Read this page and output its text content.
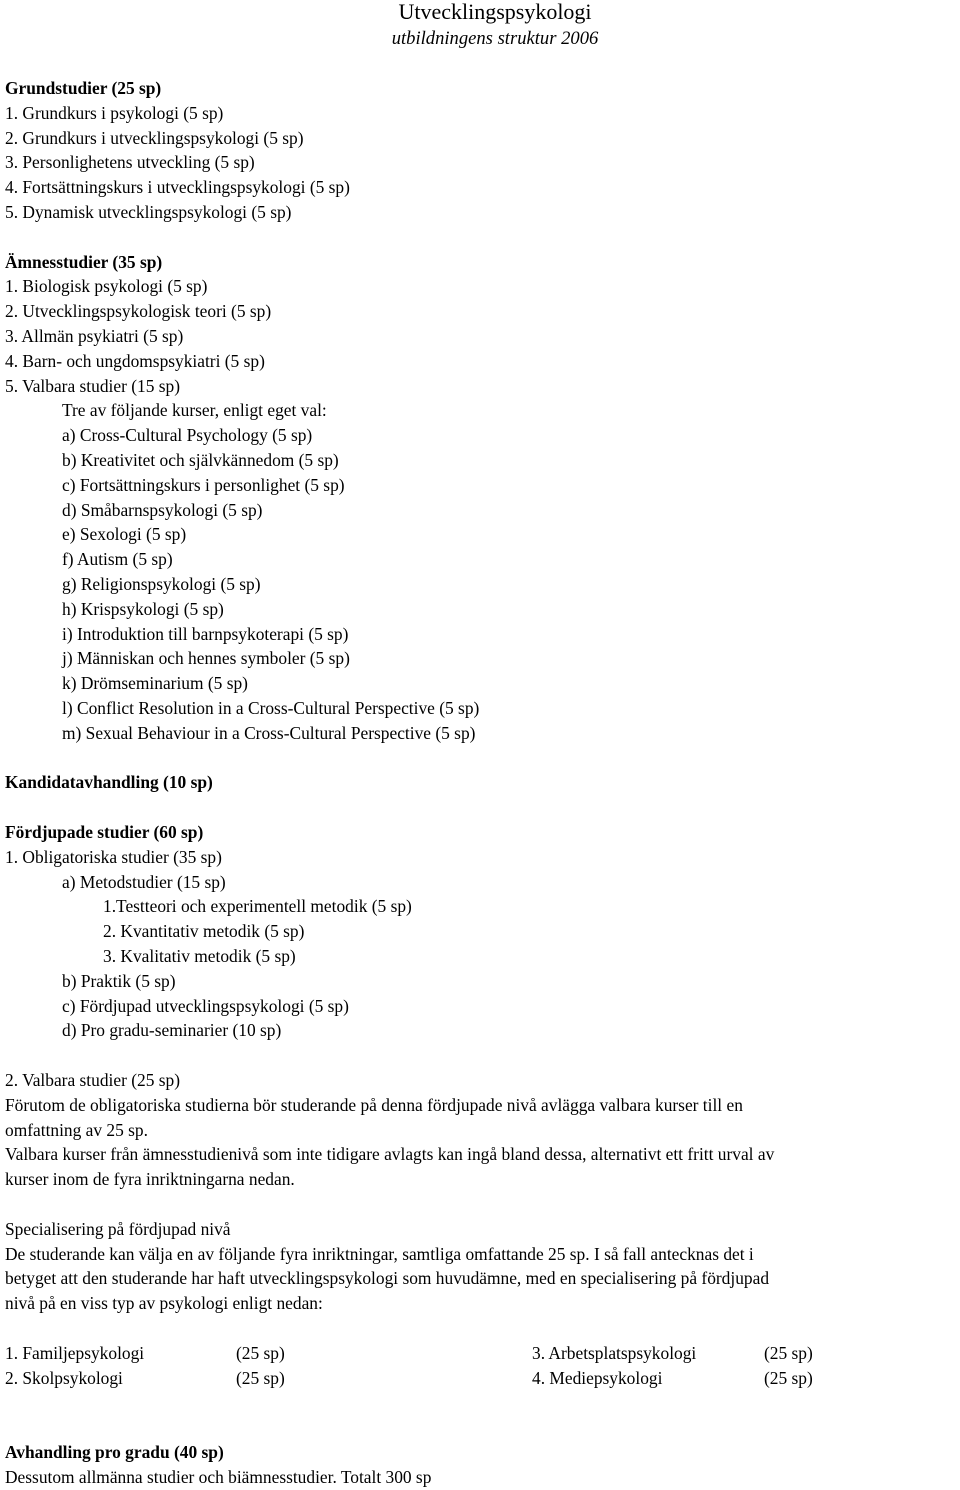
Utvecklingspsykologi
utbildningens struktur 2006
Grundstudier (25 sp)
1. Grundkurs i psykologi (5 sp)
2. Grundkurs i utvecklingspsykologi (5 sp)
3. Personlighetens utveckling (5 sp)
4. Fortsättningskurs i utvecklingspsykologi (5 sp)
5. Dynamisk utvecklingspsykologi (5 sp)
Ämnesstudier (35 sp)
1. Biologisk psykologi (5 sp)
2. Utvecklingspsykologisk teori (5 sp)
3. Allmän psykiatri (5 sp)
4. Barn- och ungdomspsykiatri (5 sp)
5. Valbara studier (15 sp)
Tre av följande kurser, enligt eget val:
a) Cross-Cultural Psychology (5 sp)
b) Kreativitet och självkännedom (5 sp)
c) Fortsättningskurs i personlighet (5 sp)
d) Småbarnspsykologi (5 sp)
e) Sexologi (5 sp)
f) Autism (5 sp)
g) Religionspsykologi (5 sp)
h) Krispsykologi (5 sp)
i) Introduktion till barnpsykoterapi (5 sp)
j) Människan och hennes symboler (5 sp)
k) Drömseminarium (5 sp)
l) Conflict Resolution in a Cross-Cultural Perspective (5 sp)
m) Sexual Behaviour in a Cross-Cultural Perspective (5 sp)
Kandidatavhandling (10 sp)
Fördjupade studier (60 sp)
1. Obligatoriska studier (35 sp)
a) Metodstudier (15 sp)
1.Testteori och experimentell metodik (5 sp)
2. Kvantitativ metodik (5 sp)
3. Kvalitativ metodik (5 sp)
b) Praktik (5 sp)
c) Fördjupad utvecklingspsykologi (5 sp)
d) Pro gradu-seminarier (10 sp)
2. Valbara studier (25 sp)
Förutom de obligatoriska studierna bör studerande på denna fördjupade nivå avlägga valbara kurser till en
omfattning av 25 sp.
Valbara kurser från ämnesstudienivå som inte tidigare avlagts kan ingå bland dessa, alternativt ett fritt urval av
kurser inom de fyra inriktningarna nedan.
Specialisering på fördjupad nivå
De studerande kan välja en av följande fyra inriktningar, samtliga omfattande 25 sp. I så fall antecknas det i
betyget att den studerande har haft utvecklingspsykologi som huvudämne, med en specialisering på fördjupad
nivå på en viss typ av psykologi enligt nedan:
1. Familjepsykologi	(25 sp)	3. Arbetsplatspsykologi	(25 sp)
2. Skolpsykologi	(25 sp)	4. Mediepsykologi	(25 sp)
Avhandling pro gradu (40 sp)
Dessutom allmänna studier och biämnesstudier. Totalt 300 sp
